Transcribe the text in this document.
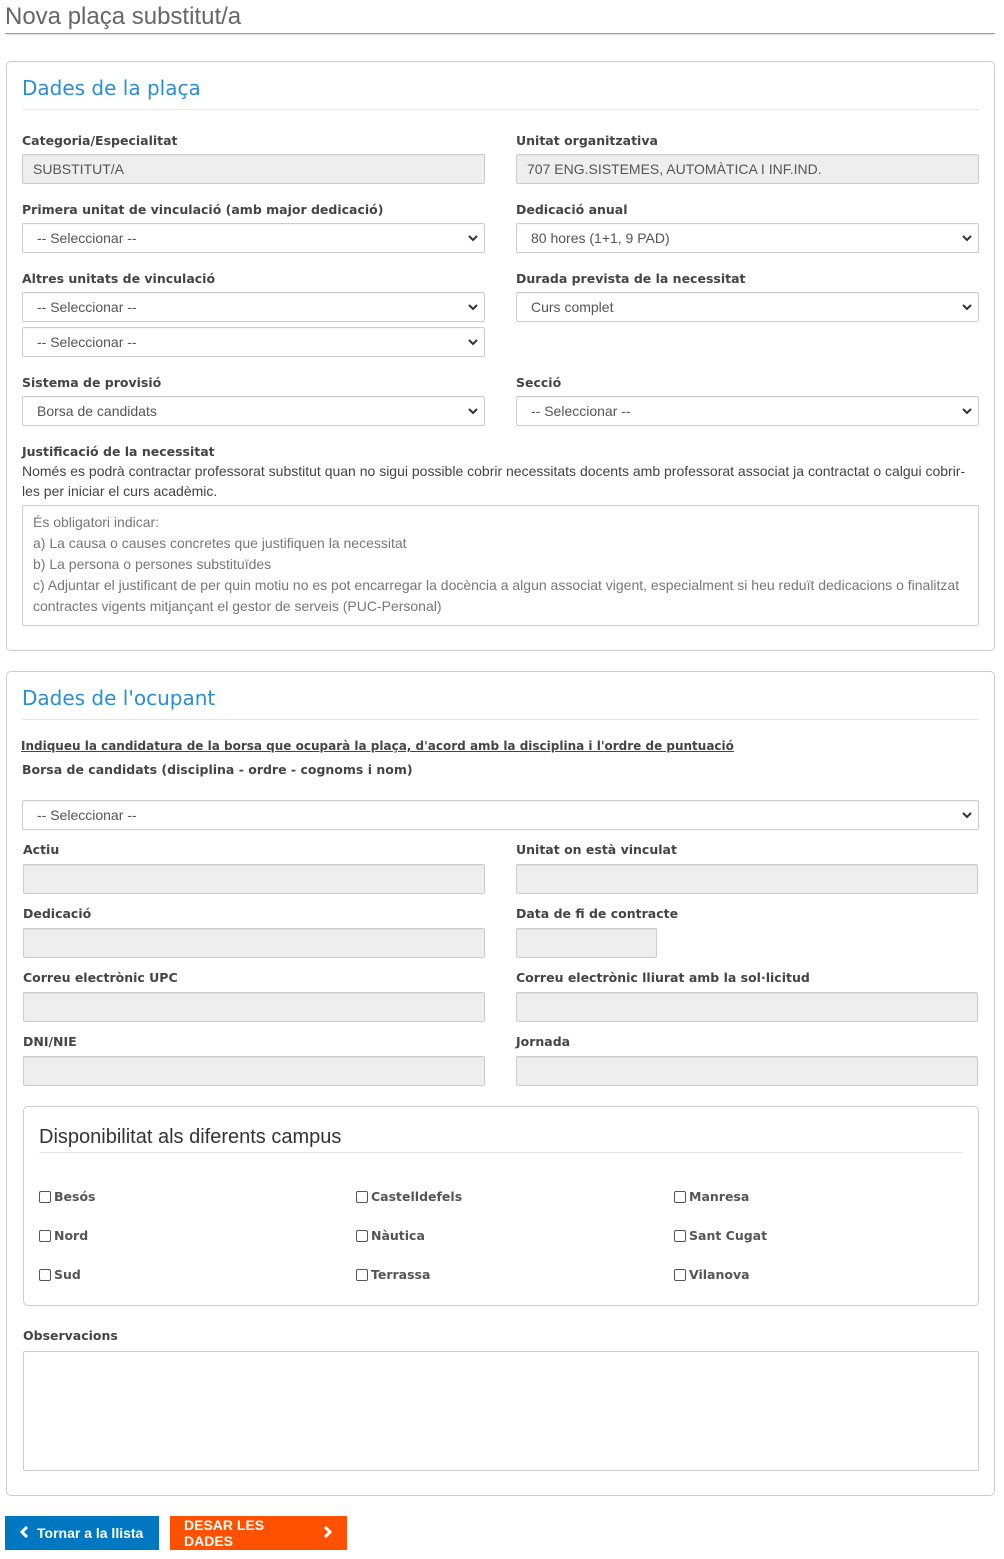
Nova plaça substitut/a
Dades de la plaça
Categoria/Especialitat
SUBSTITUT/A
Unitat organitzativa
707 ENG.SISTEMES, AUTOMÀTICA I INF.IND.
Primera unitat de vinculació (amb major dedicació)
-- Seleccionar --
Dedicació anual
80 hores (1+1, 9 PAD)
Altres unitats de vinculació
-- Seleccionar --
-- Seleccionar --
Durada prevista de la necessitat
Curs complet
Sistema de provisió
Borsa de candidats
Secció
-- Seleccionar --
Justificació de la necessitat
Només es podrà contractar professorat substitut quan no sigui possible cobrir necessitats docents amb professorat associat ja contractat o calgui cobrir-les per iniciar el curs acadèmic.
És obligatori indicar:
a) La causa o causes concretes que justifiquen la necessitat
b) La persona o persones substituïdes
c) Adjuntar el justificant de per quin motiu no es pot encarregar la docència a algun associat vigent, especialment si heu reduït dedicacions o finalitzat contractes vigents mitjançant el gestor de serveis (PUC-Personal)
Dades de l'ocupant
Indiqueu la candidatura de la borsa que ocuparà la plaça, d'acord amb la disciplina i l'ordre de puntuació
Borsa de candidats (disciplina - ordre - cognoms i nom)
-- Seleccionar --
Actiu	Unitat on està vinculat
Dedicació	Data de fi de contracte
Correu electrònic UPC	Correu electrònic lliurat amb la sol·licitud
DNI/NIE	Jornada
Disponibilitat als diferents campus
Besós	Castelldefels	Manresa
Nord	Nàutica	Sant Cugat
Sud	Terrassa	Vilanova
Observacions
Tornar a la llista	DESAR LES DADES
